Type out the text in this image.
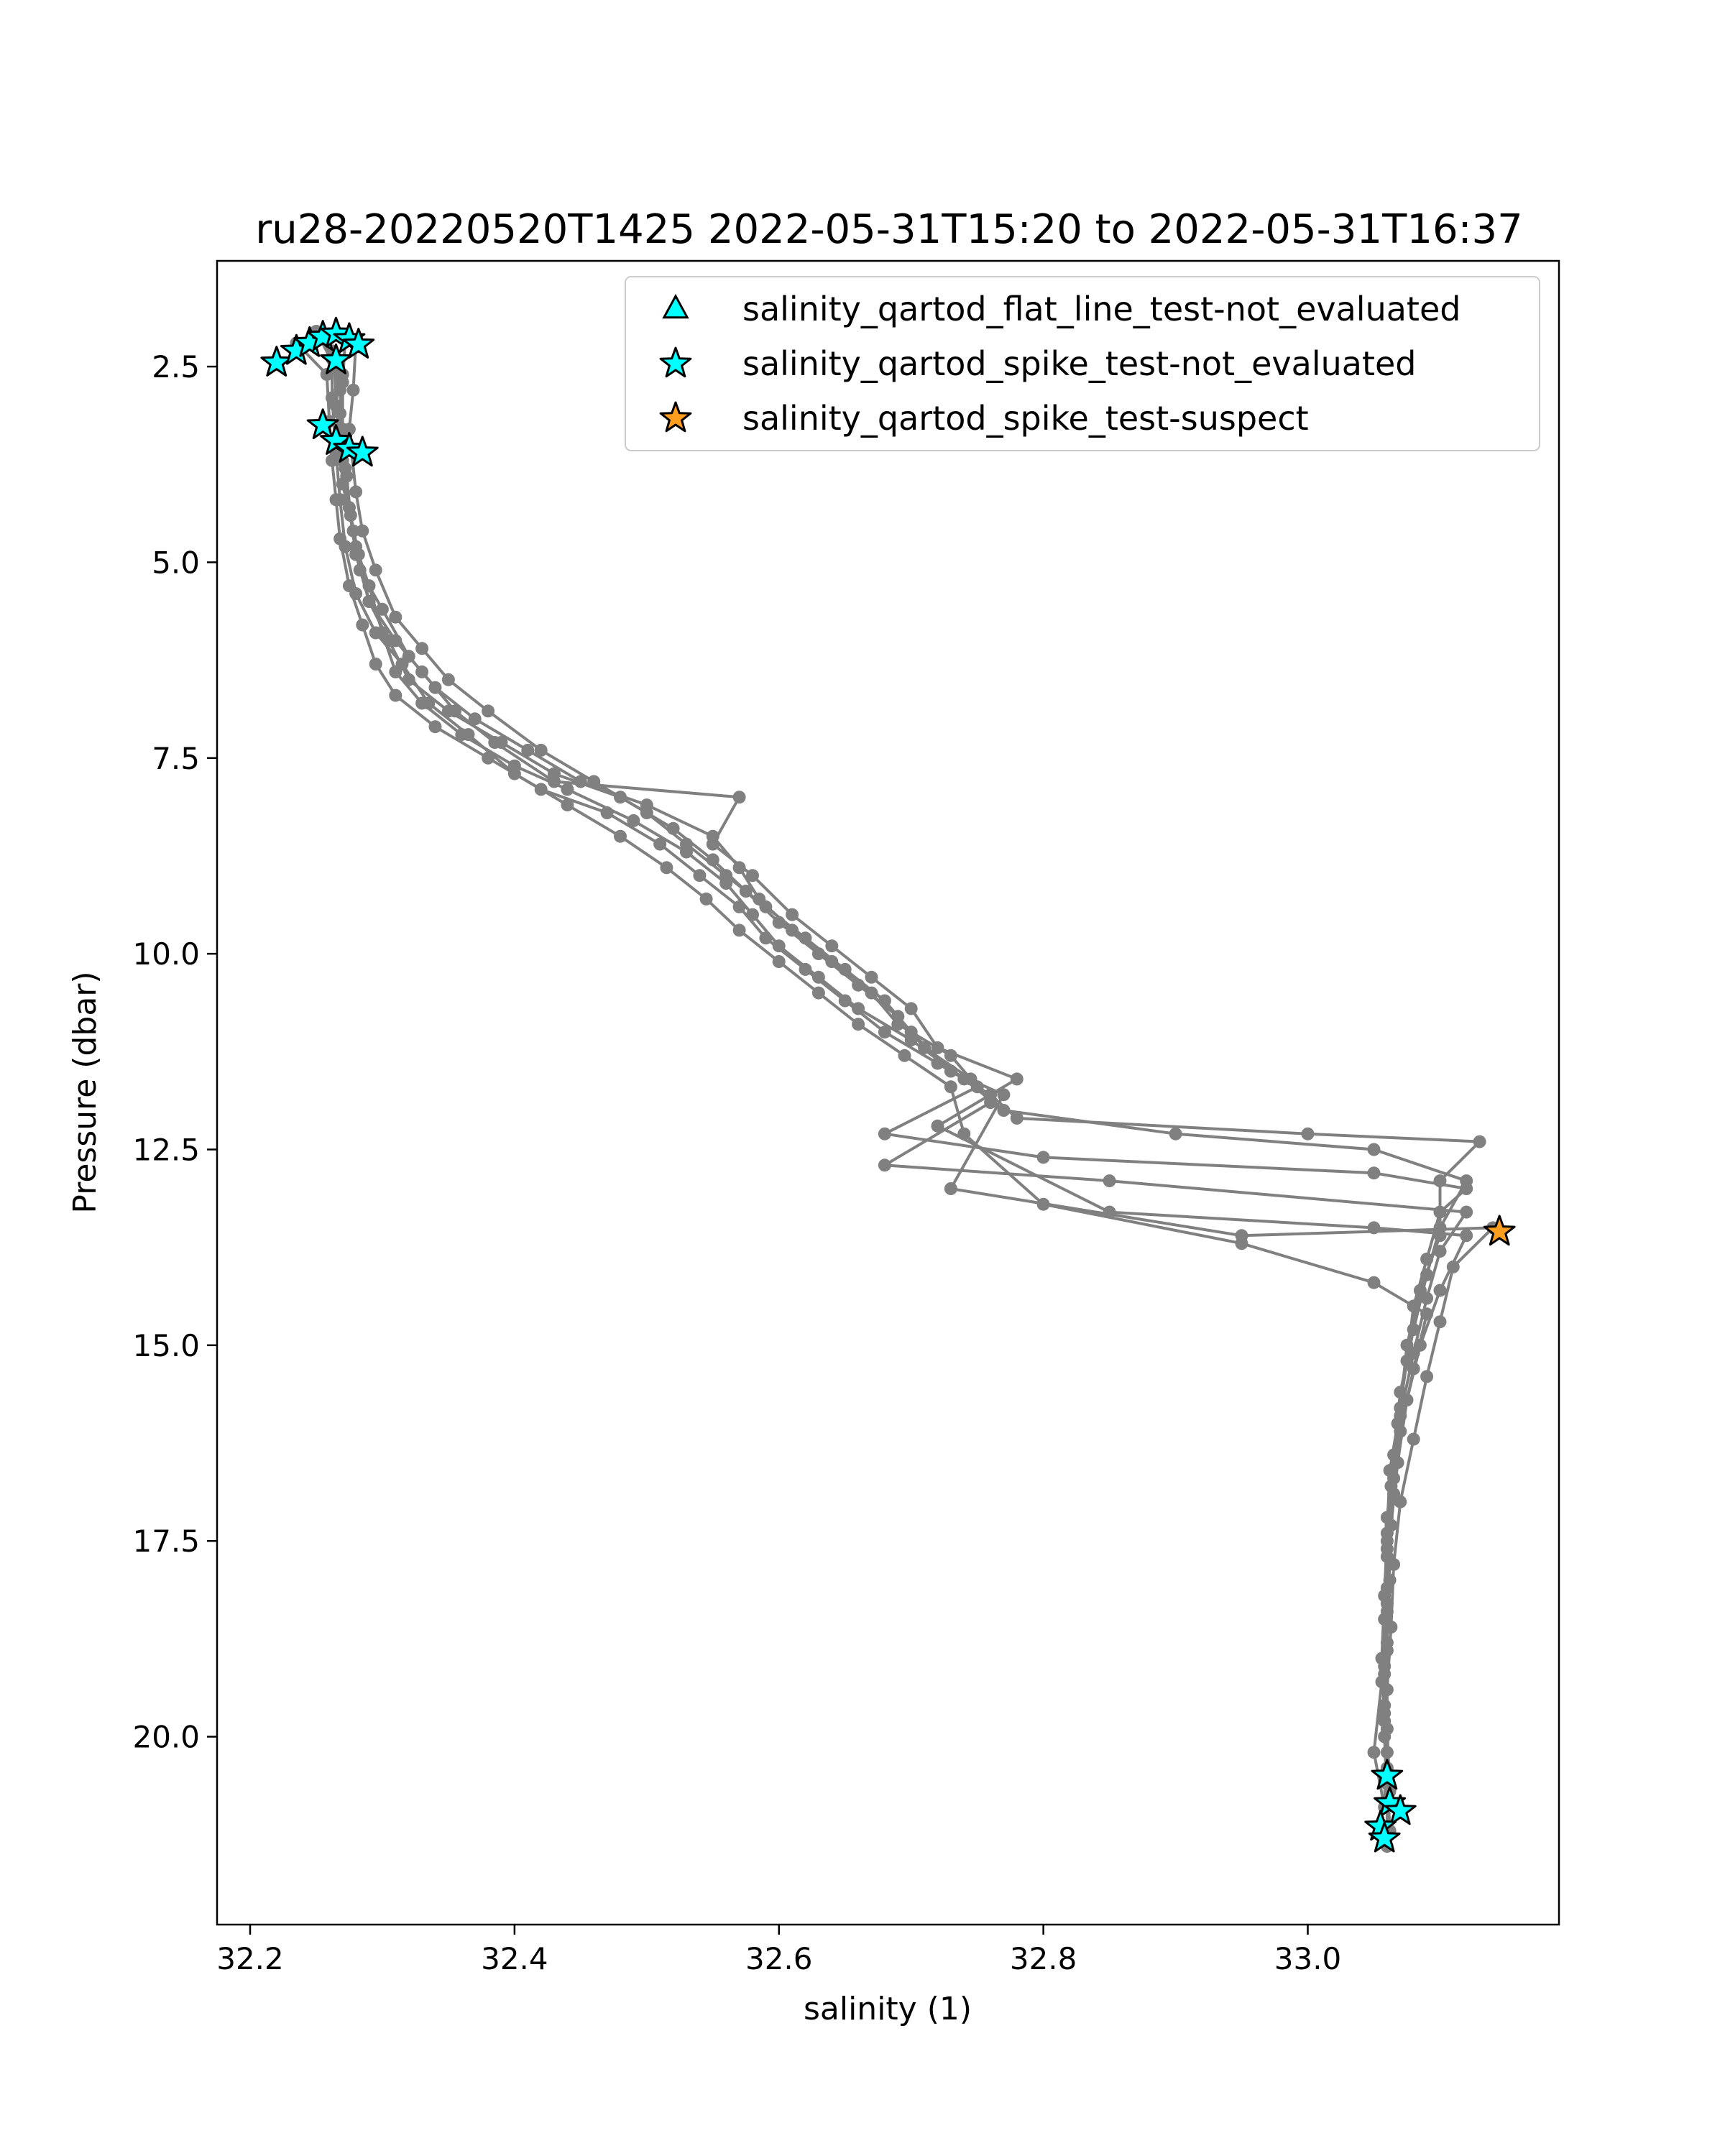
ru28-20220520T1425 2022-05-31T15:20 to 2022-05-31T16:37
32.2	32.4	32.6	32.8	33.0
2.5
5.0
7.5
10.0
12.5
15.0
17.5
20.0
salinity (1)
Pressure (dbar)
salinity_qartod_flat_line_test-not_evaluated
salinity_qartod_spike_test-not_evaluated
salinity_qartod_spike_test-suspect
